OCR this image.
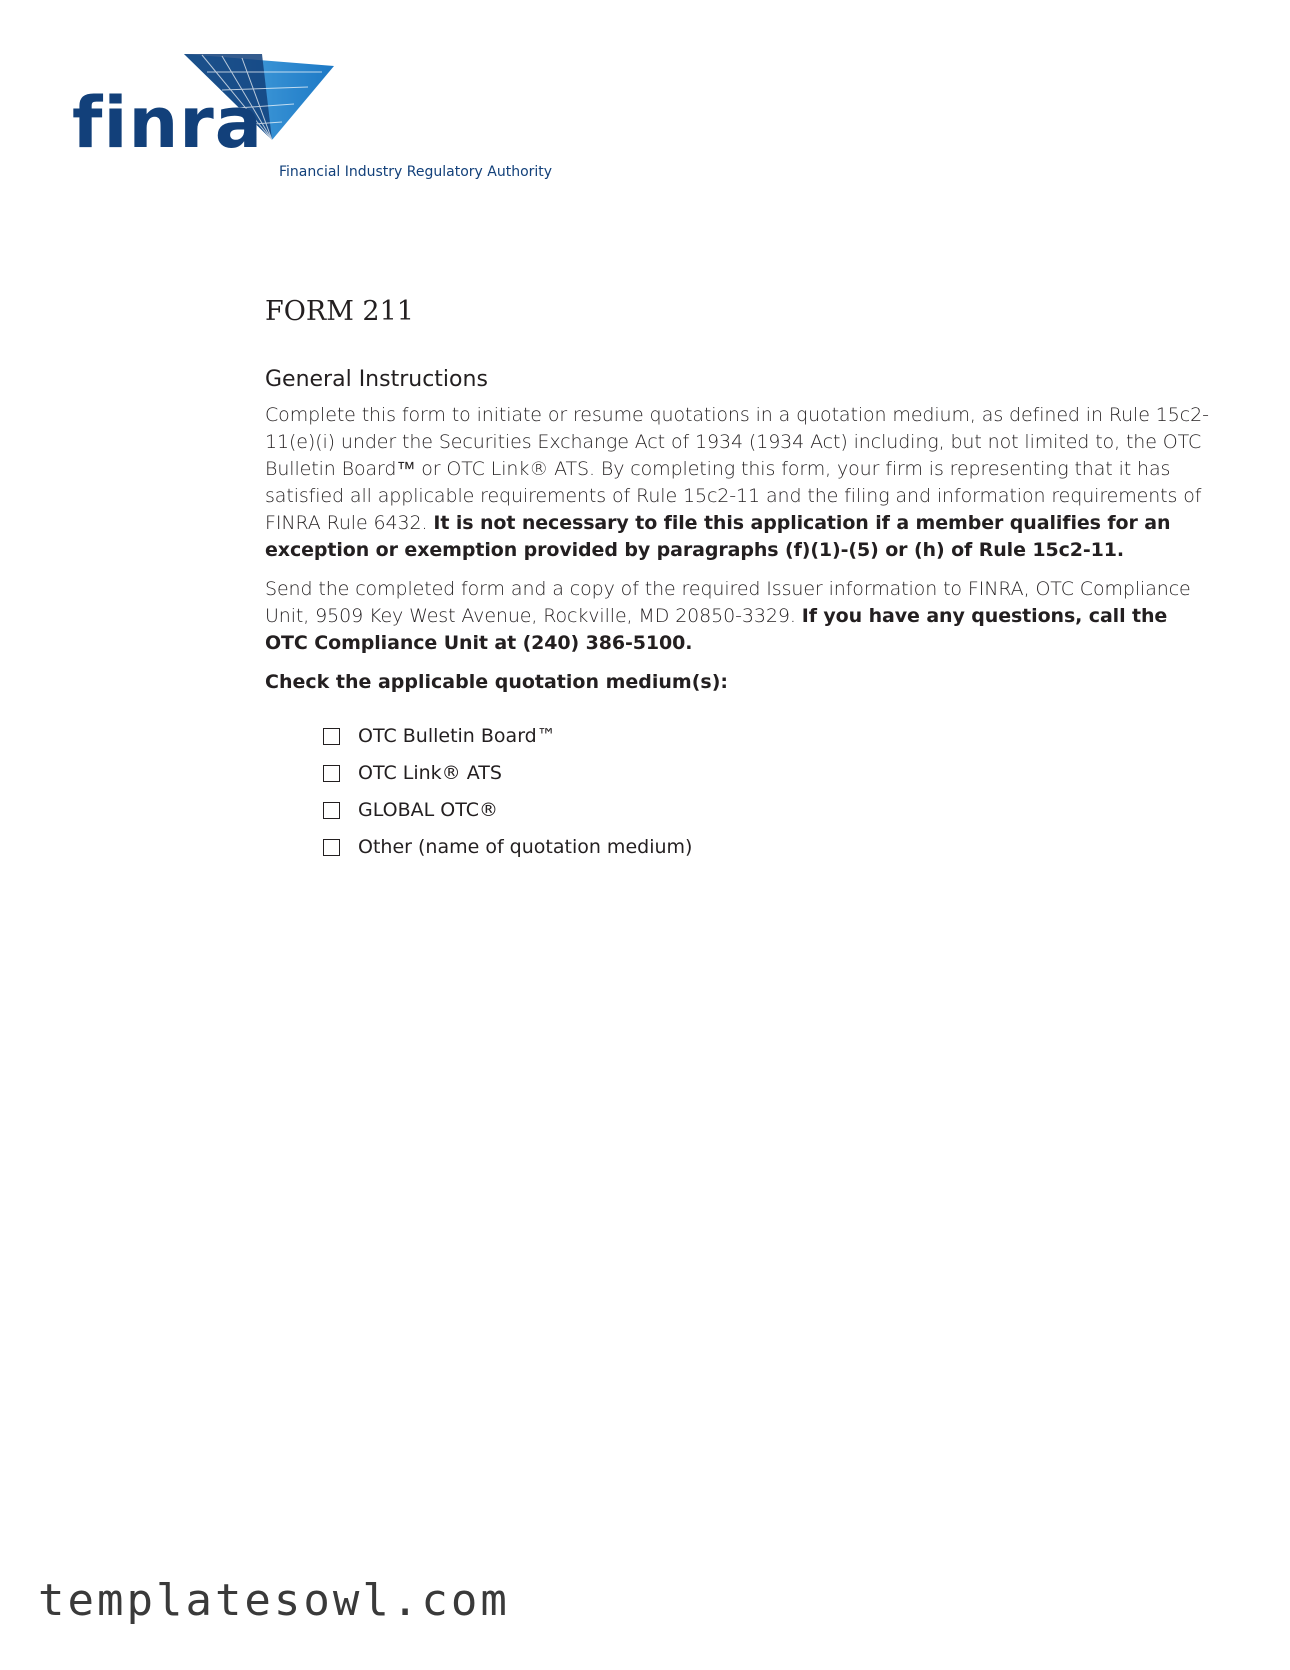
finra
Financial Industry Regulatory Authority
FORM 211
General Instructions

Complete this form to initiate or resume quotations in a quotation medium, as defined in Rule 15c2-11(e)(i) under the Securities Exchange Act of 1934 (1934 Act) including, but not limited to, the OTC Bulletin Board™ or OTC Link® ATS. By completing this form, your firm is representing that it has satisfied all applicable requirements of Rule 15c2-11 and the filing and information requirements of FINRA Rule 6432. It is not necessary to file this application if a member qualifies for an exception or exemption provided by paragraphs (f)(1)-(5) or (h) of Rule 15c2-11.

Send the completed form and a copy of the required Issuer information to FINRA, OTC Compliance Unit, 9509 Key West Avenue, Rockville, MD 20850-3329. If you have any questions, call the OTC Compliance Unit at (240) 386-5100.

Check the applicable quotation medium(s):
OTC Bulletin Board™
OTC Link® ATS
GLOBAL OTC®
Other (name of quotation medium)
templatesowl.com
